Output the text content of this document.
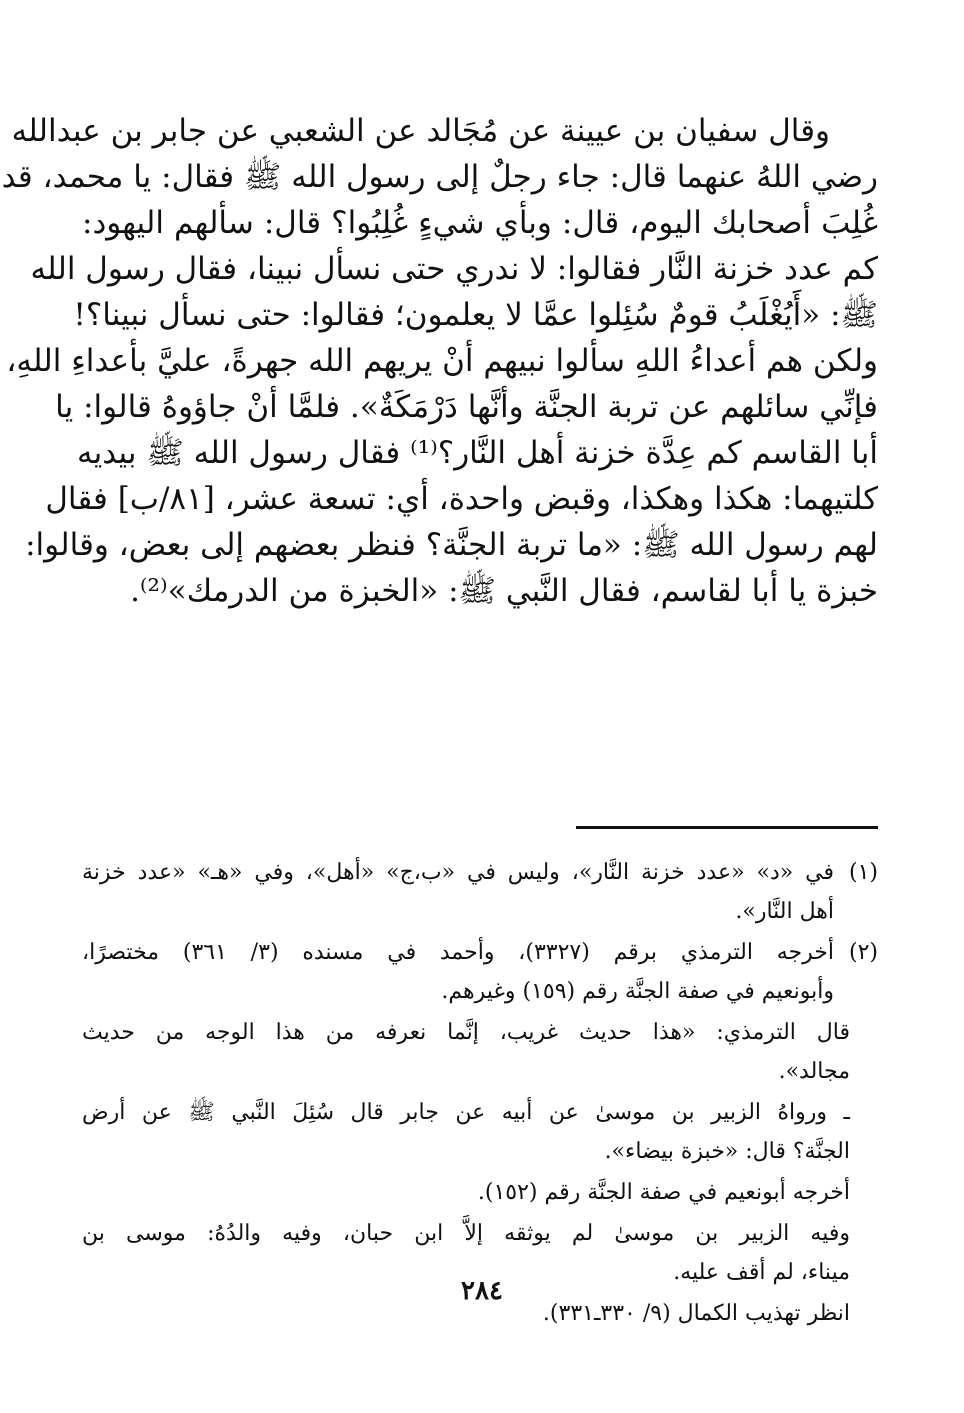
وقال سفيان بن عيينة عن مُجَالد عن الشعبي عن جابر بن عبدالله
رضي اللهُ عنهما قال: جاء رجلٌ إلى رسول الله ﷺ فقال: يا محمد، قد
غُلِبَ أصحابك اليوم، قال: وبأي شيءٍ غُلِبُوا؟ قال: سألهم اليهود:
كم عدد خزنة النَّار فقالوا: لا ندري حتى نسأل نبينا، فقال رسول الله
ﷺ: «أَيُغْلَبُ قومٌ سُئِلوا عمَّا لا يعلمون؛ فقالوا: حتى نسأل نبينا؟!
ولكن هم أعداءُ اللهِ سألوا نبيهم أنْ يريهم الله جهرةً، عليَّ بأعداءِ اللهِ،
فإنِّي سائلهم عن تربة الجنَّة وأنَّها دَرْمَكَةٌ». فلمَّا أنْ جاؤوهُ قالوا: يا
أبا القاسم كم عِدَّة خزنة أهل النَّار؟⁽¹⁾ فقال رسول الله ﷺ بيديه
كلتيهما: هكذا وهكذا، وقبض واحدة، أي: تسعة عشر، [٨١/ب] فقال
لهم رسول الله ﷺ: «ما تربة الجنَّة؟ فنظر بعضهم إلى بعض، وقالوا:
خبزة يا أبا لقاسم، فقال النَّبي ﷺ: «الخبزة من الدرمك»⁽²⁾.
(١)
في «د» «عدد خزنة النَّار»، وليس في «ب،ج» «أهل»، وفي «هـ» «عدد خزنة
أهل النَّار».
(٢)
أخرجه الترمذي برقم (٣٣٢٧)، وأحمد في مسنده (٣/ ٣٦١) مختصرًا،
وأبونعيم في صفة الجنَّة رقم (١٥٩) وغيرهم.
قال الترمذي: «هذا حديث غريب، إنَّما نعرفه من هذا الوجه من حديث
مجالد».
ـ ورواهُ الزبير بن موسىٰ عن أبيه عن جابر قال سُئِلَ النَّبي ﷺ عن أرض
الجنَّة؟ قال: «خبزة بيضاء».
أخرجه أبونعيم في صفة الجنَّة رقم (١٥٢).
وفيه الزبير بن موسىٰ لم يوثقه إلاَّ ابن حبان، وفيه والدُهُ: موسى بن
ميناء، لم أقف عليه.
انظر تهذيب الكمال (٩/ ٣٣٠ـ٣٣١).
٢٨٤
